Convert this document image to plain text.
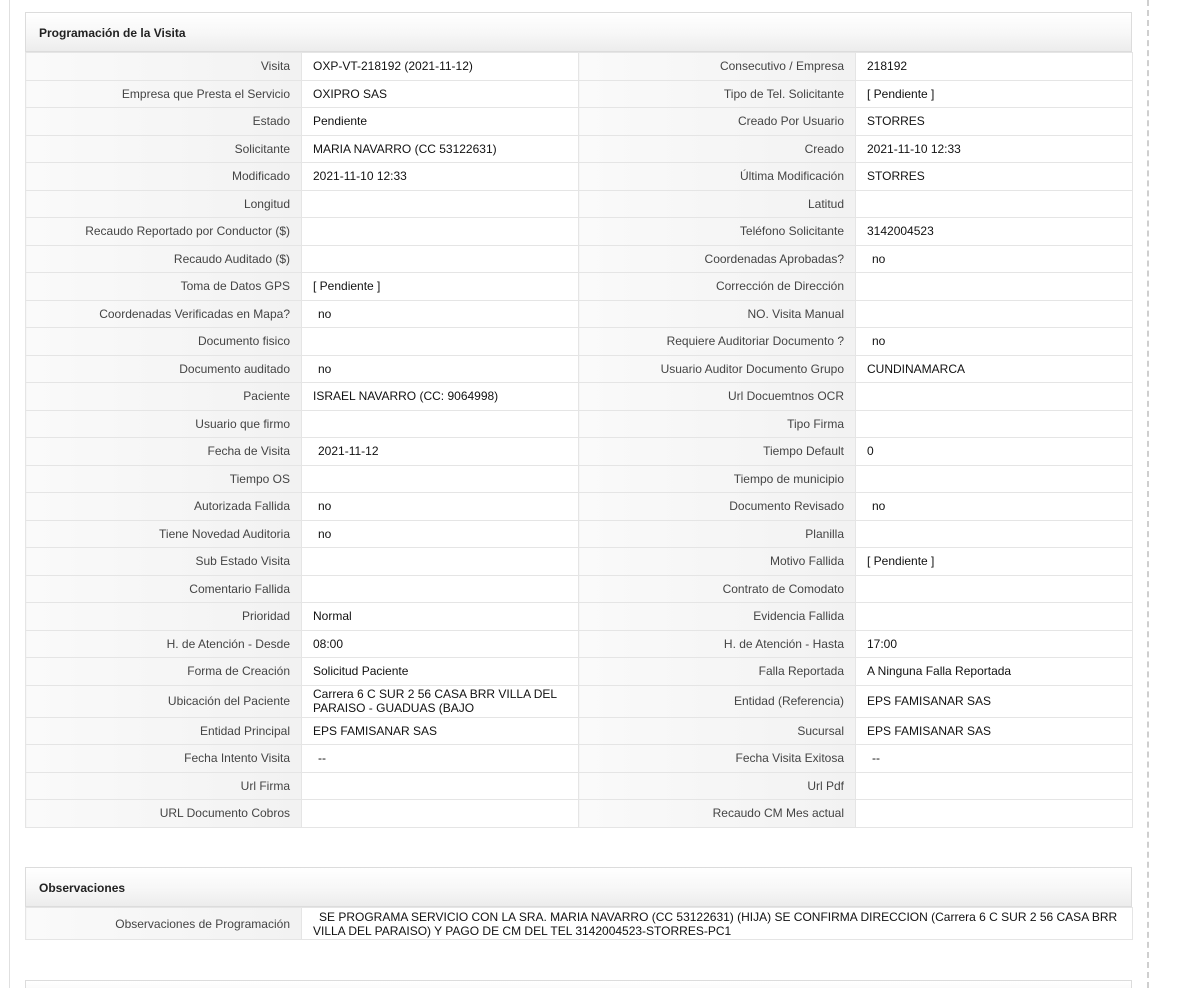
Programación de la Visita
Visita	OXP-VT-218192 (2021-11-12)	Consecutivo / Empresa	218192
Empresa que Presta el Servicio	OXIPRO SAS	Tipo de Tel. Solicitante	[ Pendiente ]
Estado	Pendiente	Creado Por Usuario	STORRES
Solicitante	MARIA NAVARRO (CC 53122631)	Creado	2021-11-10 12:33
Modificado	2021-11-10 12:33	Última Modificación	STORRES
Longitud		Latitud	
Recaudo Reportado por Conductor ($)		Teléfono Solicitante	3142004523
Recaudo Auditado ($)		Coordenadas Aprobadas?	no
Toma de Datos GPS	[ Pendiente ]	Corrección de Dirección	
Coordenadas Verificadas en Mapa?	no	NO. Visita Manual	
Documento fisico		Requiere Auditoriar Documento ?	no
Documento auditado	no	Usuario Auditor Documento Grupo	CUNDINAMARCA
Paciente	ISRAEL NAVARRO (CC: 9064998)	Url Docuemtnos OCR	
Usuario que firmo		Tipo Firma	
Fecha de Visita	2021-11-12	Tiempo Default	0
Tiempo OS		Tiempo de municipio	
Autorizada Fallida	no	Documento Revisado	no
Tiene Novedad Auditoria	no	Planilla	
Sub Estado Visita		Motivo Fallida	[ Pendiente ]
Comentario Fallida		Contrato de Comodato	
Prioridad	Normal	Evidencia Fallida	
H. de Atención - Desde	08:00	H. de Atención - Hasta	17:00
Forma de Creación	Solicitud Paciente	Falla Reportada	A Ninguna Falla Reportada
Ubicación del Paciente	Carrera 6 C SUR 2 56 CASA BRR VILLA DEL PARAISO - GUADUAS (BAJO	Entidad (Referencia)	EPS FAMISANAR SAS
Entidad Principal	EPS FAMISANAR SAS	Sucursal	EPS FAMISANAR SAS
Fecha Intento Visita	--	Fecha Visita Exitosa	--
Url Firma		Url Pdf	
URL Documento Cobros		Recaudo CM Mes actual	
Observaciones
Observaciones de Programación	SE PROGRAMA SERVICIO CON LA SRA. MARIA NAVARRO (CC 53122631) (HIJA) SE CONFIRMA DIRECCION (Carrera 6 C SUR 2 56 CASA BRR VILLA DEL PARAISO) Y PAGO DE CM DEL TEL 3142004523-STORRES-PC1
